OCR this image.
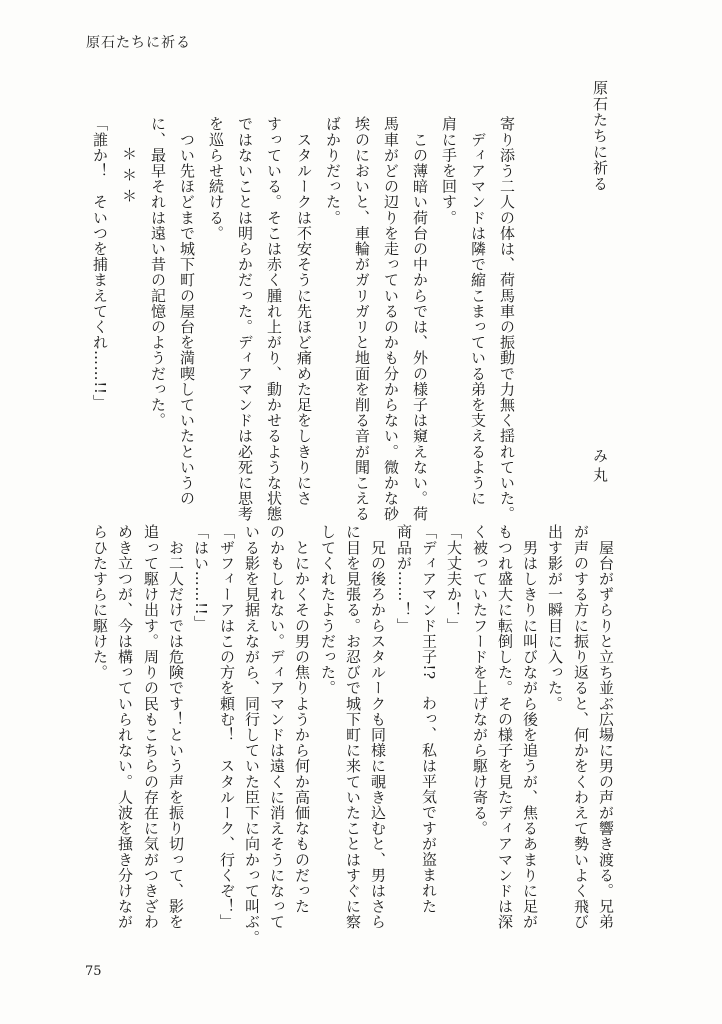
原石たちに祈る
原石たちに祈る
み丸
寄り添う二人の体は、荷馬車の振動で力無く揺れていた。
　ディアマンドは隣で縮こまっている弟を支えるように
肩に手を回す。
　この薄暗い荷台の中からでは、外の様子は窺えない。荷
馬車がどの辺りを走っているのかも分からない。微かな砂
埃のにおいと、車輪がガリガリと地面を削る音が聞こえる
ばかりだった。
　スタルークは不安そうに先ほど痛めた足をしきりにさ
すっている。そこは赤く腫れ上がり、動かせるような状態
ではないことは明らかだった。ディアマンドは必死に思考
を巡らせ続ける。
　つい先ほどまで城下町の屋台を満喫していたというの
に、最早それは遠い昔の記憶のようだった。
＊＊＊
「誰か！　そいつを捕まえてくれ……!!」
　屋台がずらりと立ち並ぶ広場に男の声が響き渡る。兄弟
が声のする方に振り返ると、何かをくわえて勢いよく飛び
出す影が一瞬目に入った。
　男はしきりに叫びながら後を追うが、焦るあまりに足が
もつれ盛大に転倒した。その様子を見たディアマンドは深
く被っていたフードを上げながら駆け寄る。
「大丈夫か！」
「ディアマンド王子!?　わっ、私は平気ですが盗まれた
商品が……！」
　兄の後ろからスタルークも同様に覗き込むと、男はさら
に目を見張る。お忍びで城下町に来ていたことはすぐに察
してくれたようだった。
　とにかくその男の焦りようから何か高価なものだった
のかもしれない。ディアマンドは遠くに消えそうになって
いる影を見据えながら、同行していた臣下に向かって叫ぶ。
「ザフィーアはこの方を頼む！　スタルーク、行くぞ！」
「はい……!!」
　お二人だけでは危険です！という声を振り切って、影を
追って駆け出す。周りの民もこちらの存在に気がつきざわ
めき立つが、今は構っていられない。人波を掻き分けなが
らひたすらに駆けた。
75
